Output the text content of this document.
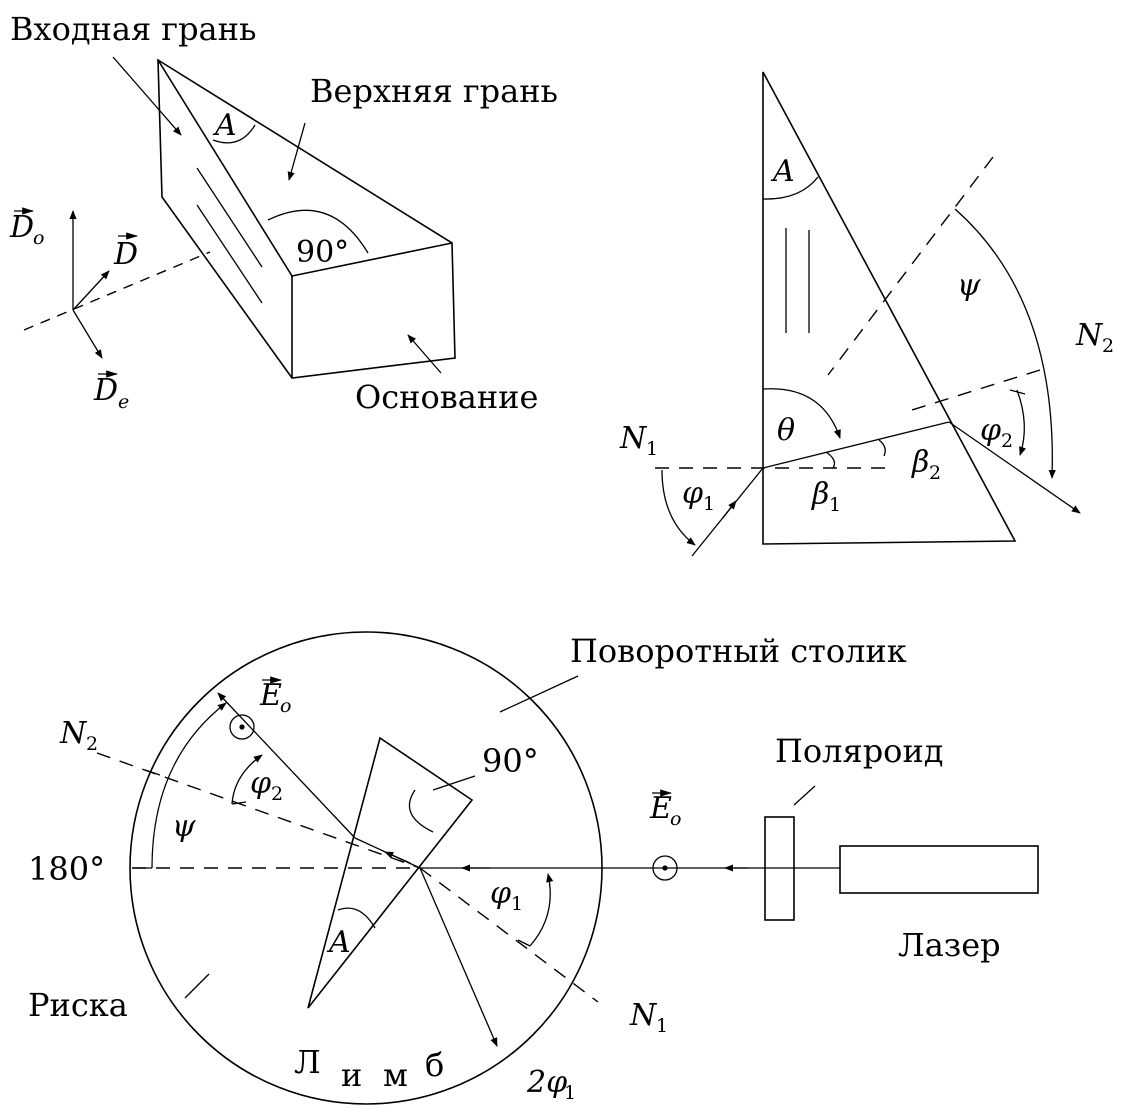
Входная грань
Верхняя грань
Основание
A
90°
D
o D
D e
A
ψ
θ
N 2
N 1
φ 2
φ 1	β 1
β 2
Поворотный столик
Поляроид
Лазер
Риска
180°
90°
Л и м б
A
ψ
E
o
E
o
N 2
N 1
φ 2
φ 1
2φ
1
